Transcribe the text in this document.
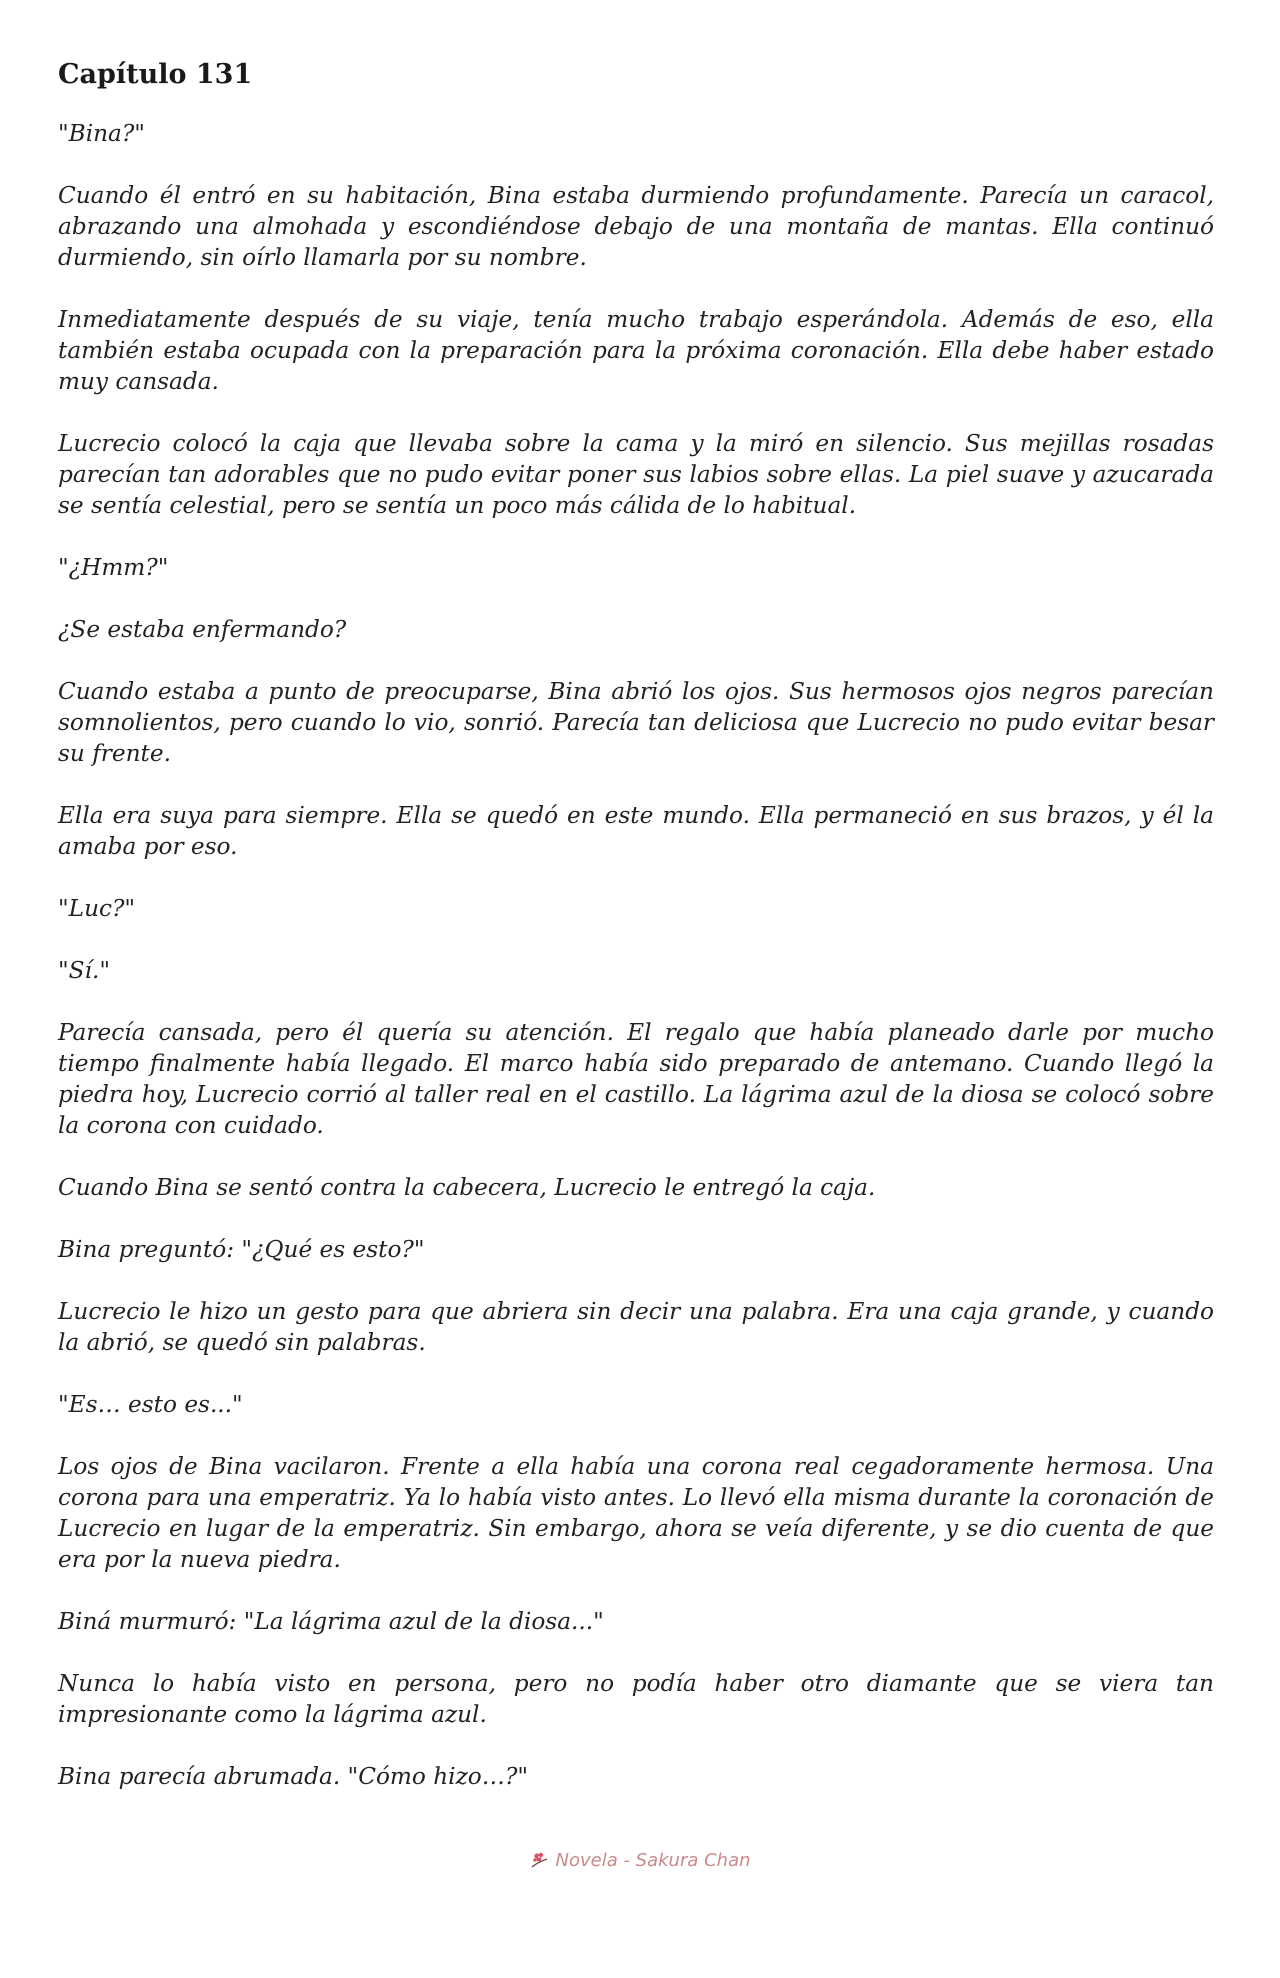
Capítulo 131

"Bina?"

Cuando él entró en su habitación, Bina estaba durmiendo profundamente. Parecía un caracol, abrazando una almohada y escondiéndose debajo de una montaña de mantas. Ella continuó durmiendo, sin oírlo llamarla por su nombre.

Inmediatamente después de su viaje, tenía mucho trabajo esperándola. Además de eso, ella también estaba ocupada con la preparación para la próxima coronación. Ella debe haber estado muy cansada.

Lucrecio colocó la caja que llevaba sobre la cama y la miró en silencio. Sus mejillas rosadas parecían tan adorables que no pudo evitar poner sus labios sobre ellas. La piel suave y azucarada se sentía celestial, pero se sentía un poco más cálida de lo habitual.

"¿Hmm?"

¿Se estaba enfermando?

Cuando estaba a punto de preocuparse, Bina abrió los ojos. Sus hermosos ojos negros parecían somnolientos, pero cuando lo vio, sonrió. Parecía tan deliciosa que Lucrecio no pudo evitar besar su frente.

Ella era suya para siempre. Ella se quedó en este mundo. Ella permaneció en sus brazos, y él la amaba por eso.

"Luc?"

"Sí."

Parecía cansada, pero él quería su atención. El regalo que había planeado darle por mucho tiempo finalmente había llegado. El marco había sido preparado de antemano. Cuando llegó la piedra hoy, Lucrecio corrió al taller real en el castillo. La lágrima azul de la diosa se colocó sobre la corona con cuidado.

Cuando Bina se sentó contra la cabecera, Lucrecio le entregó la caja.

Bina preguntó: "¿Qué es esto?"

Lucrecio le hizo un gesto para que abriera sin decir una palabra. Era una caja grande, y cuando la abrió, se quedó sin palabras.

"Es… esto es..."

Los ojos de Bina vacilaron. Frente a ella había una corona real cegadoramente hermosa. Una corona para una emperatriz. Ya lo había visto antes. Lo llevó ella misma durante la coronación de Lucrecio en lugar de la emperatriz. Sin embargo, ahora se veía diferente, y se dio cuenta de que era por la nueva piedra.

Biná murmuró: "La lágrima azul de la diosa..."

Nunca lo había visto en persona, pero no podía haber otro diamante que se viera tan impresionante como la lágrima azul.

Bina parecía abrumada. "Cómo hizo…?"

Novela - Sakura Chan
